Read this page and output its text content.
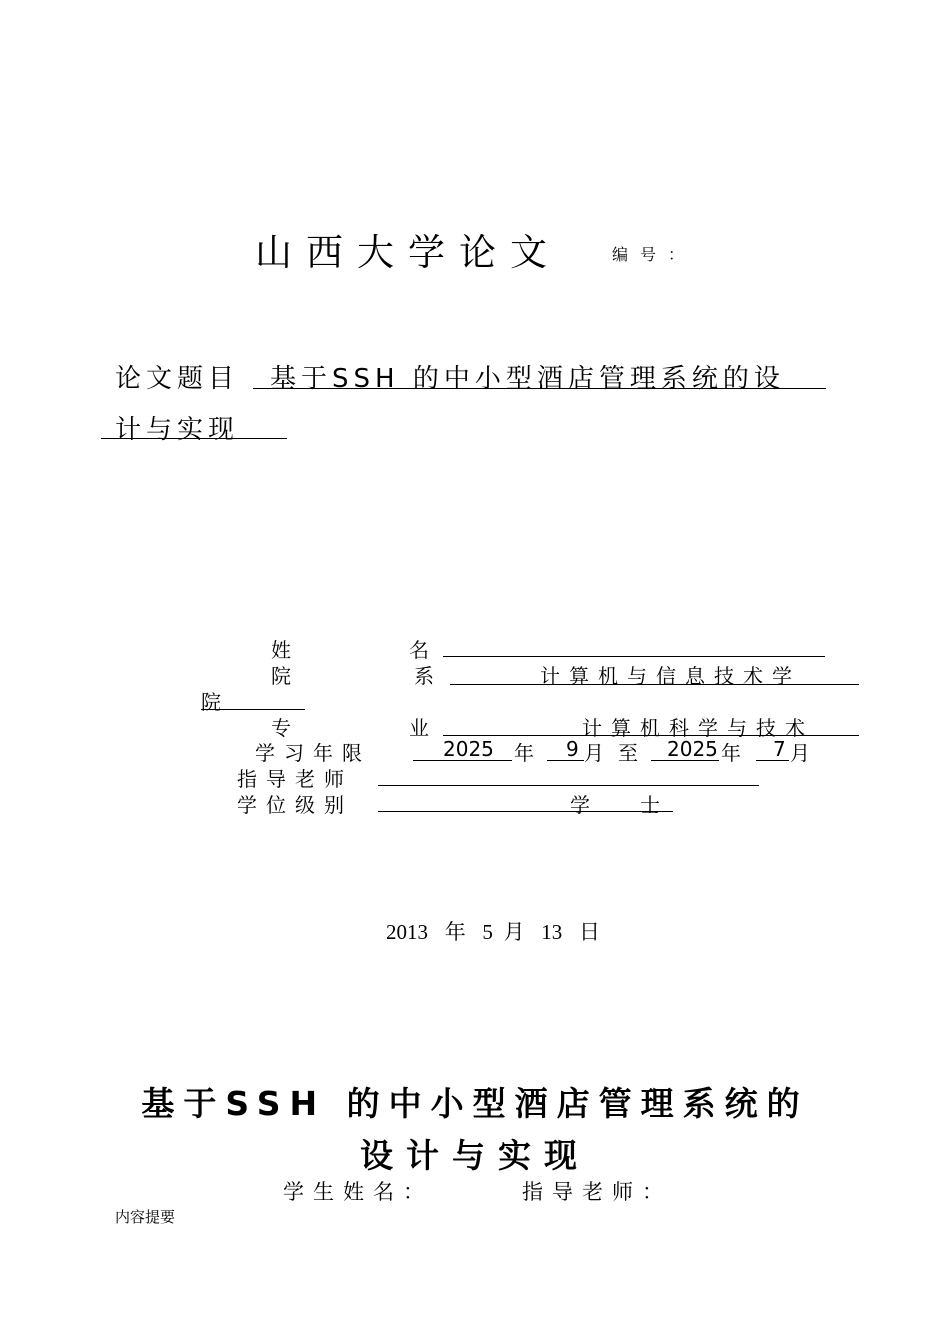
山西大学论文	编号：
论文题目 基于SSH 的中小型酒店管理系统的设
计与实现
姓	名
院	系	计算机与信息技术学
院
专	业	计算机科学与技术
学习年限	2025 年 9 月 至 2025 年 7 月
指导老师
学位级别	学	士
2013 年 5 月 13 日
基于SSH 的中小型酒店管理系统的
设计与实现
学生姓名：	指导老师：
内容提要
